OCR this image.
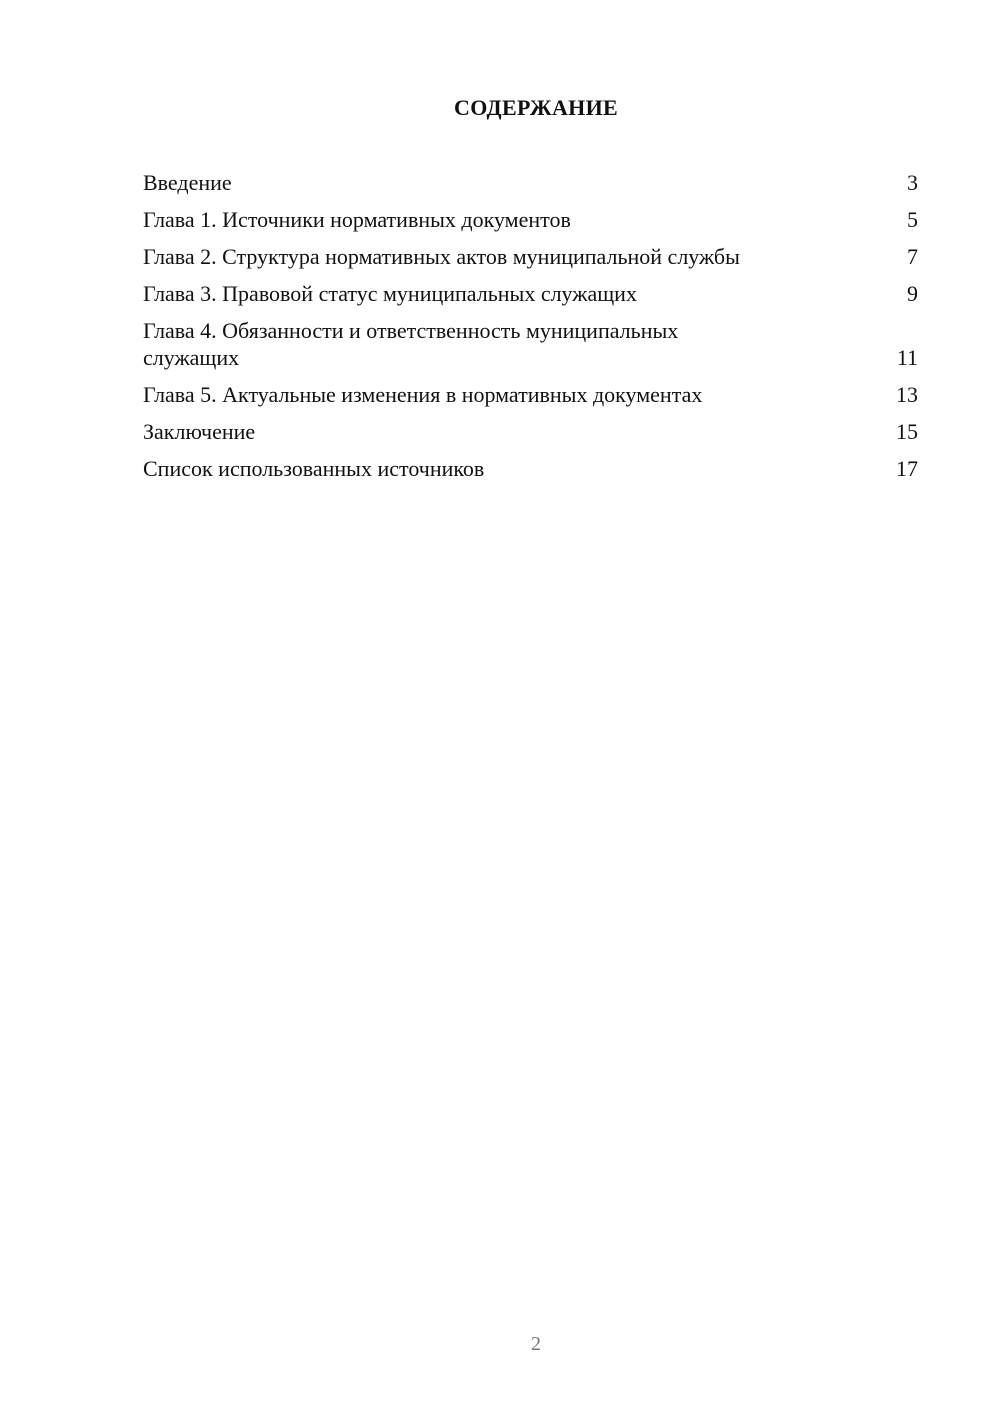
СОДЕРЖАНИЕ
Введение	3
Глава 1. Источники нормативных документов	5
Глава 2. Структура нормативных актов муниципальной службы	7
Глава 3. Правовой статус муниципальных служащих	9
Глава 4. Обязанности и ответственность муниципальных служащих	11
Глава 5. Актуальные изменения в нормативных документах	13
Заключение	15
Список использованных источников	17
2
